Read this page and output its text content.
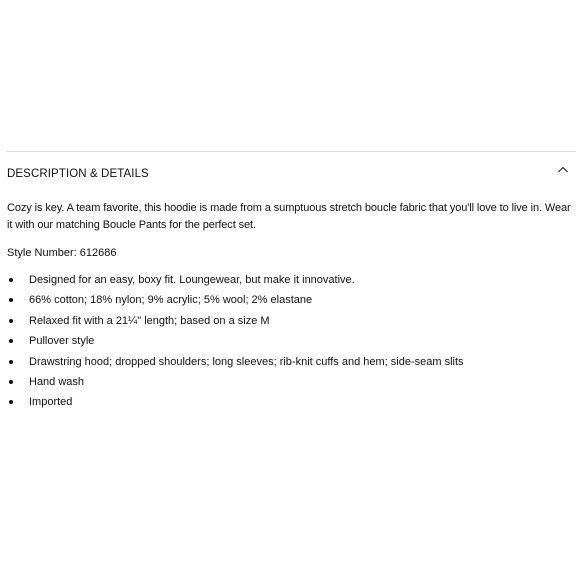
DESCRIPTION & DETAILS
Cozy is key. A team favorite, this hoodie is made from a sumptuous stretch boucle fabric that you'll love to live in. Wear it with our matching Boucle Pants for the perfect set.
Style Number: 612686
Designed for an easy, boxy fit. Loungewear, but make it innovative.
66% cotton; 18% nylon; 9% acrylic; 5% wool; 2% elastane
Relaxed fit with a 21¼" length; based on a size M
Pullover style
Drawstring hood; dropped shoulders; long sleeves; rib-knit cuffs and hem; side-seam slits
Hand wash
Imported
